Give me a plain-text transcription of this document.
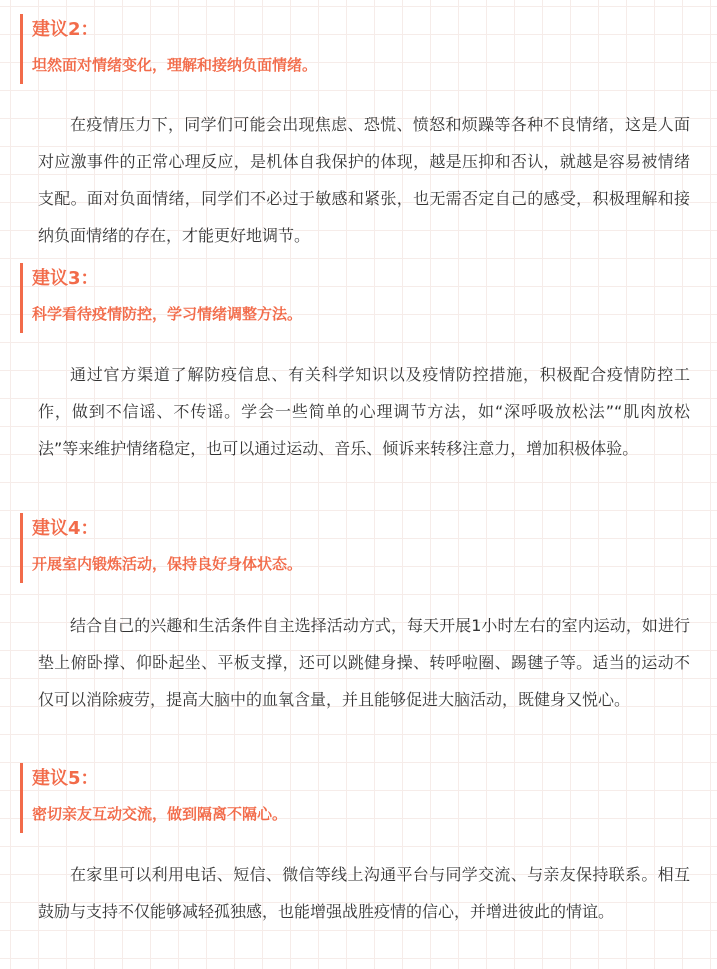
建议2：
坦然面对情绪变化，理解和接纳负面情绪。

在疫情压力下，同学们可能会出现焦虑、恐慌、愤怒和烦躁等各种不良情绪，这是人面对应激事件的正常心理反应，是机体自我保护的体现，越是压抑和否认，就越是容易被情绪支配。面对负面情绪，同学们不必过于敏感和紧张，也无需否定自己的感受，积极理解和接纳负面情绪的存在，才能更好地调节。

建议3：
科学看待疫情防控，学习情绪调整方法。

通过官方渠道了解防疫信息、有关科学知识以及疫情防控措施，积极配合疫情防控工作，做到不信谣、不传谣。学会一些简单的心理调节方法，如“深呼吸放松法”“肌肉放松法”等来维护情绪稳定，也可以通过运动、音乐、倾诉来转移注意力，增加积极体验。

建议4：
开展室内锻炼活动，保持良好身体状态。

结合自己的兴趣和生活条件自主选择活动方式，每天开展1小时左右的室内运动，如进行垫上俯卧撑、仰卧起坐、平板支撑，还可以跳健身操、转呼啦圈、踢毽子等。适当的运动不仅可以消除疲劳，提高大脑中的血氧含量，并且能够促进大脑活动，既健身又悦心。

建议5：
密切亲友互动交流，做到隔离不隔心。

在家里可以利用电话、短信、微信等线上沟通平台与同学交流、与亲友保持联系。相互鼓励与支持不仅能够减轻孤独感，也能增强战胜疫情的信心，并增进彼此的情谊。
